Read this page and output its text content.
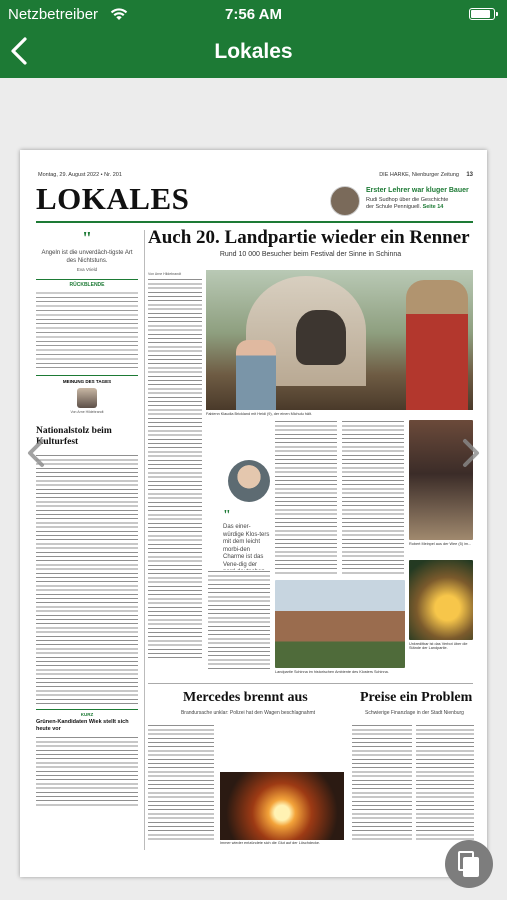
Netzbetreiber	7:56 AM
Lokales
Montag, 29. August 2022 • Nr. 201	DIE HARKE, Nienburger Zeitung 13
LOKALES	Erster Lehrer war kluger Bauer
Rudi Sudhop über die Geschichte
der Schule Penniguell. Seite 14
"
Angeln ist die unverdäch-tigste Art des Nichtstuns.
Eva Vrield
RÜCKBLENDE
MEINUNG DES TAGES
Von Arne Hildebrandt
Nationalstolz beim Kulturfest
KURZ
Grünen-Kandidaten Wiek stellt sich heute vor
Auch 20. Landpartie wieder ein Renner
Rund 10 000 Besucher beim Festival der Sinne in Schinna
Von Arne Hildebrandt
Fabienn Klaudia Brickland mit Heidi (9), der einen Michulu hält.
Robert Meinpel aus der Wee (5) im...
"
Das einer-würdige Klos-ters mit dem leicht morbi-den Charme ist das Vene-dig der
Landpartie Schinna im historischen Ambiente des Klosters Schinna.
Unkreditbar ist das Verbot über die Stände der Landpartie.
Mercedes brennt aus
Brandursache unklar: Polizei hat den Wagen beschlagnahmt
Immer wieder entzündete sich die Glut auf der Löschdecke.
Preise ein Problem
Schwierige Finanzlage in der Stadt Nienburg
